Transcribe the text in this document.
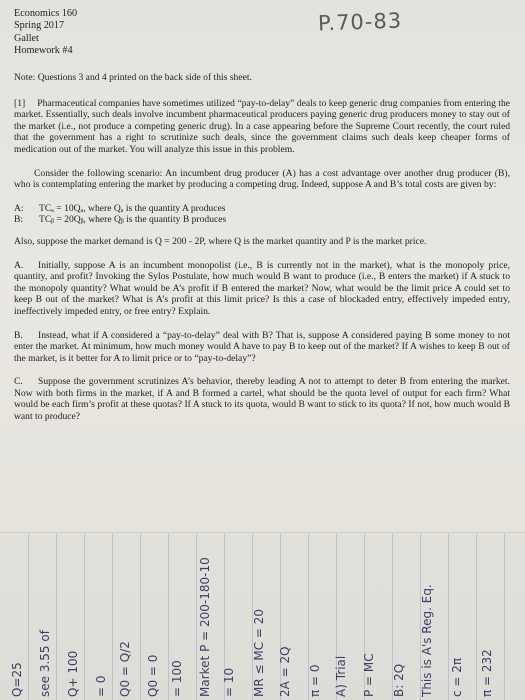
Economics 160
Spring 2017
Gallet
Homework #4
P.70-83

Note: Questions 3 and 4 printed on the back side of this sheet.

[1] Pharmaceutical companies have sometimes utilized “pay-to-delay” deals to keep generic drug companies from entering the market. Essentially, such deals involve incumbent pharmaceutical producers paying generic drug producers money to stay out of the market (i.e., not produce a competing generic drug). In a case appearing before the Supreme Court recently, the court ruled that the government has a right to scrutinize such deals, since the government claims such deals keep cheaper forms of medication out of the market. You will analyze this issue in this problem.

Consider the following scenario: An incumbent drug producer (A) has a cost advantage over another drug producer (B), who is contemplating entering the market by producing a competing drug. Indeed, suppose A and B’s total costs are given by:

A:	TCₐ = 10Qₐ, where Qₐ is the quantity A produces
B:	TCᵦ = 20Qᵦ, where Qᵦ is the quantity B produces

Also, suppose the market demand is Q = 200 - 2P, where Q is the market quantity and P is the market price.

A. Initially, suppose A is an incumbent monopolist (i.e., B is currently not in the market), what is the monopoly price, quantity, and profit? Invoking the Sylos Postulate, how much would B want to produce (i.e., B enters the market) if A stuck to the monopoly quantity? What would be A’s profit if B entered the market? Now, what would be the limit price A could set to keep B out of the market? What is A’s profit at this limit price? Is this a case of blockaded entry, effectively impeded entry, ineffectively impeded entry, or free entry? Explain.

B. Instead, what if A considered a “pay-to-delay” deal with B? That is, suppose A considered paying B some money to not enter the market. At minimum, how much money would A have to pay B to keep out of the market? If A wishes to keep B out of the market, is it better for A to limit price or to “pay-to-delay”?

C. Suppose the government scrutinizes A’s behavior, thereby leading A not to attempt to deter B from entering the market. Now with both firms in the market, if A and B formed a cartel, what should be the quota level of output for each firm? What would be each firm’s profit at these quotas? If A stuck to its quota, would B want to stick to its quota? If not, how much would B want to produce?

Q=25 see 3.55 of Q+ 100 = 0 Q0 = Q/2 Q0 = 0 = 100 Market P = 200-180-10 = 10 MR ≤ MC = 20 2A = 2Q π = 0 A) Trial P = MC B: 2Q This is A's Reg. Eq. c = 2π π = 232
